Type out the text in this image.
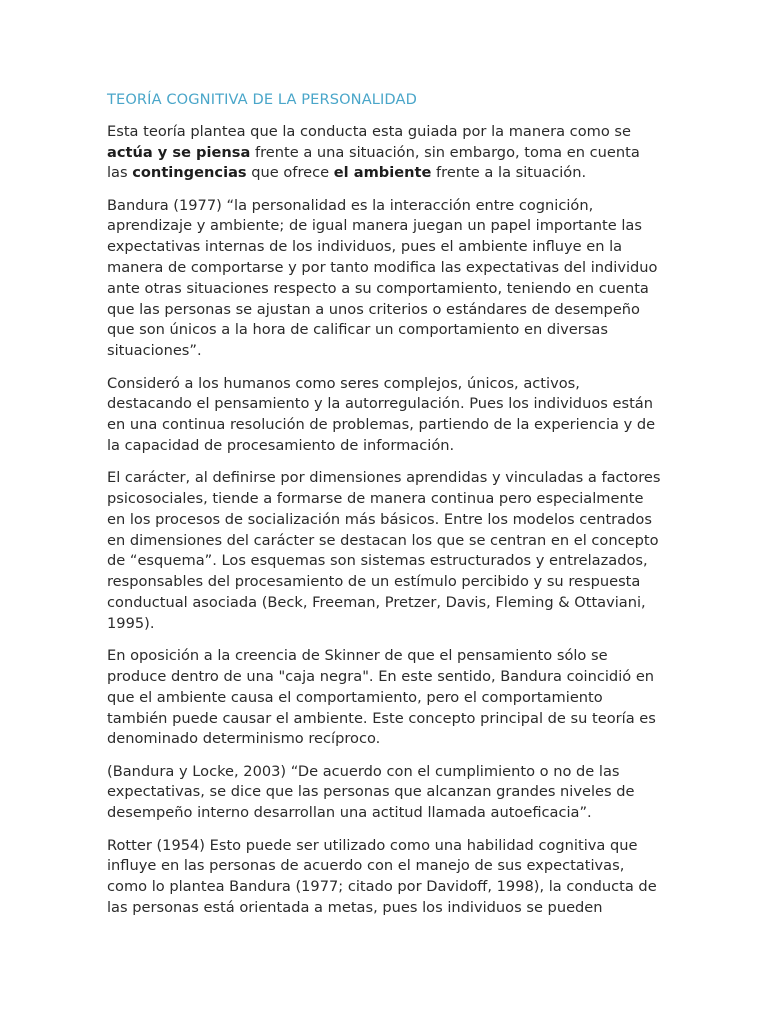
TEORÍA COGNITIVA DE LA PERSONALIDAD

Esta teoría plantea que la conducta esta guiada por la manera como se actúa y se piensa frente a una situación, sin embargo, toma en cuenta las contingencias que ofrece el ambiente frente a la situación.

Bandura (1977) “la personalidad es la interacción entre cognición, aprendizaje y ambiente; de igual manera juegan un papel importante las expectativas internas de los individuos, pues el ambiente influye en la manera de comportarse y por tanto modifica las expectativas del individuo ante otras situaciones respecto a su comportamiento, teniendo en cuenta que las personas se ajustan a unos criterios o estándares de desempeño que son únicos a la hora de calificar un comportamiento en diversas situaciones”.

Consideró a los humanos como seres complejos, únicos, activos, destacando el pensamiento y la autorregulación. Pues los individuos están en una continua resolución de problemas, partiendo de la experiencia y de la capacidad de procesamiento de información.

El carácter, al definirse por dimensiones aprendidas y vinculadas a factores psicosociales, tiende a formarse de manera continua pero especialmente en los procesos de socialización más básicos. Entre los modelos centrados en dimensiones del carácter se destacan los que se centran en el concepto de “esquema”. Los esquemas son sistemas estructurados y entrelazados, responsables del procesamiento de un estímulo percibido y su respuesta conductual asociada (Beck, Freeman, Pretzer, Davis, Fleming & Ottaviani, 1995).

En oposición a la creencia de Skinner de que el pensamiento sólo se produce dentro de una "caja negra". En este sentido, Bandura coincidió en que el ambiente causa el comportamiento, pero el comportamiento también puede causar el ambiente. Este concepto principal de su teoría es denominado determinismo recíproco.

(Bandura y Locke, 2003) “De acuerdo con el cumplimiento o no de las expectativas, se dice que las personas que alcanzan grandes niveles de desempeño interno desarrollan una actitud llamada autoeficacia”.

Rotter (1954) Esto puede ser utilizado como una habilidad cognitiva que influye en las personas de acuerdo con el manejo de sus expectativas, como lo plantea Bandura (1977; citado por Davidoff, 1998), la conducta de las personas está orientada a metas, pues los individuos se pueden
